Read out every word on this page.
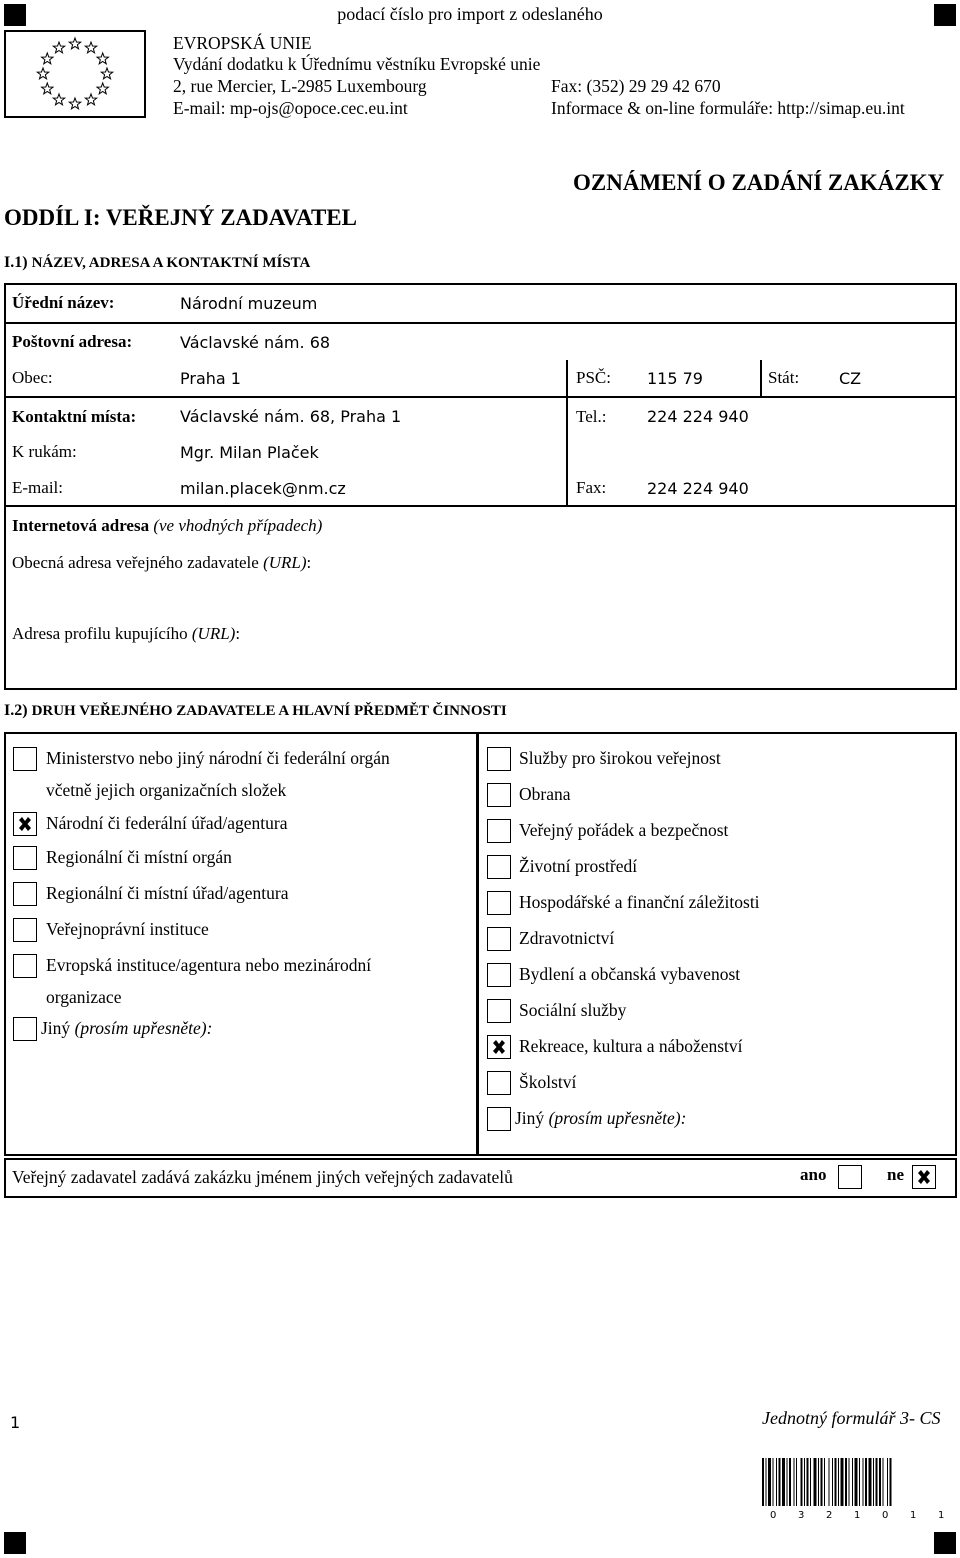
podací číslo pro import z odeslaného
EVROPSKÁ UNIE
Vydání dodatku k Úřednímu věstníku Evropské unie
2, rue Mercier, L-2985 Luxembourg
E-mail: mp-ojs@opoce.cec.eu.int
Fax: (352) 29 29 42 670
Informace & on-line formuláře: http://simap.eu.int
OZNÁMENÍ O ZADÁNÍ ZAKÁZKY
ODDÍL I: VEŘEJNÝ ZADAVATEL
I.1) NÁZEV, ADRESA A KONTAKTNÍ MÍSTA
Úřední název:	Národní muzeum
Poštovní adresa:	Václavské nám. 68
Obec:	Praha 1	PSČ: 115 79	Stát: CZ
Kontaktní místa:	Václavské nám. 68, Praha 1	Tel.:	224 224 940
K rukám:	Mgr. Milan Plaček
E-mail:	milan.placek@nm.cz	Fax:	224 224 940
Internetová adresa (ve vhodných případech)
Obecná adresa veřejného zadavatele (URL):
Adresa profilu kupujícího (URL):
I.2) DRUH VEŘEJNÉHO ZADAVATELE A HLAVNÍ PŘEDMĚT ČINNOSTI
Ministerstvo nebo jiný národní či federální orgán
včetně jejich organizačních složek
Národní či federální úřad/agentura
Regionální či místní orgán
Regionální či místní úřad/agentura
Veřejnoprávní instituce
Evropská instituce/agentura nebo mezinárodní
organizace
Jiný (prosím upřesněte):
Služby pro širokou veřejnost
Obrana
Veřejný pořádek a bezpečnost
Životní prostředí
Hospodářské a finanční záležitosti
Zdravotnictví
Bydlení a občanská vybavenost
Sociální služby
Rekreace, kultura a náboženství
Školství
Jiný (prosím upřesněte):
Veřejný zadavatel zadává zakázku jménem jiných veřejných zadavatelů	ano	ne
1	Jednotný formulář 3- CS
0 3 2 1 0 1 1
